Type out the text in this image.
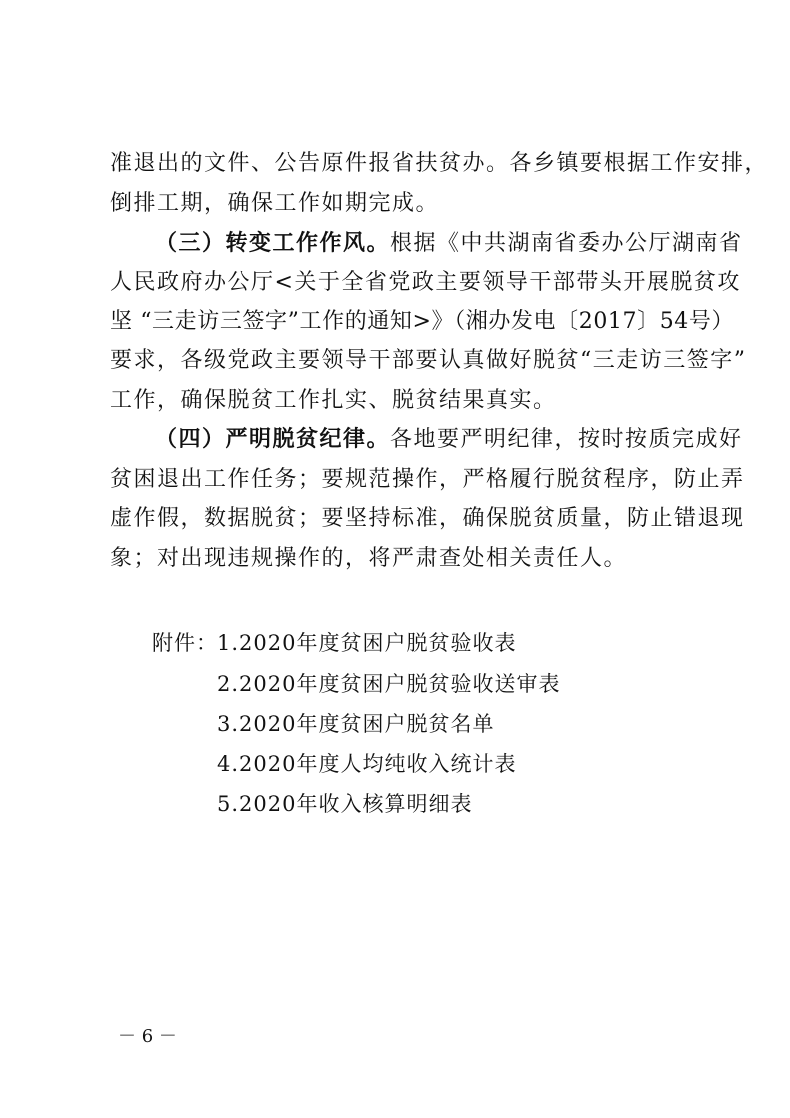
准退出的文件、公告原件报省扶贫办。各乡镇要根据工作安排，
倒排工期，确保工作如期完成。
（三）转变工作作风。根据《中共湖南省委办公厅湖南省
人民政府办公厅<关于全省党政主要领导干部带头开展脱贫攻
坚 “三走访三签字”工作的通知>》（湘办发电〔2017〕54号）
要求，各级党政主要领导干部要认真做好脱贫“三走访三签字”
工作，确保脱贫工作扎实、脱贫结果真实。
（四）严明脱贫纪律。各地要严明纪律，按时按质完成好
贫困退出工作任务；要规范操作，严格履行脱贫程序，防止弄
虚作假，数据脱贫；要坚持标准，确保脱贫质量，防止错退现
象；对出现违规操作的，将严肃查处相关责任人。
附件： 1.2020年度贫困户脱贫验收表
2.2020年度贫困户脱贫验收送审表
3.2020年度贫困户脱贫名单
4.2020年度人均纯收入统计表
5.2020年收入核算明细表
－ 6 －
